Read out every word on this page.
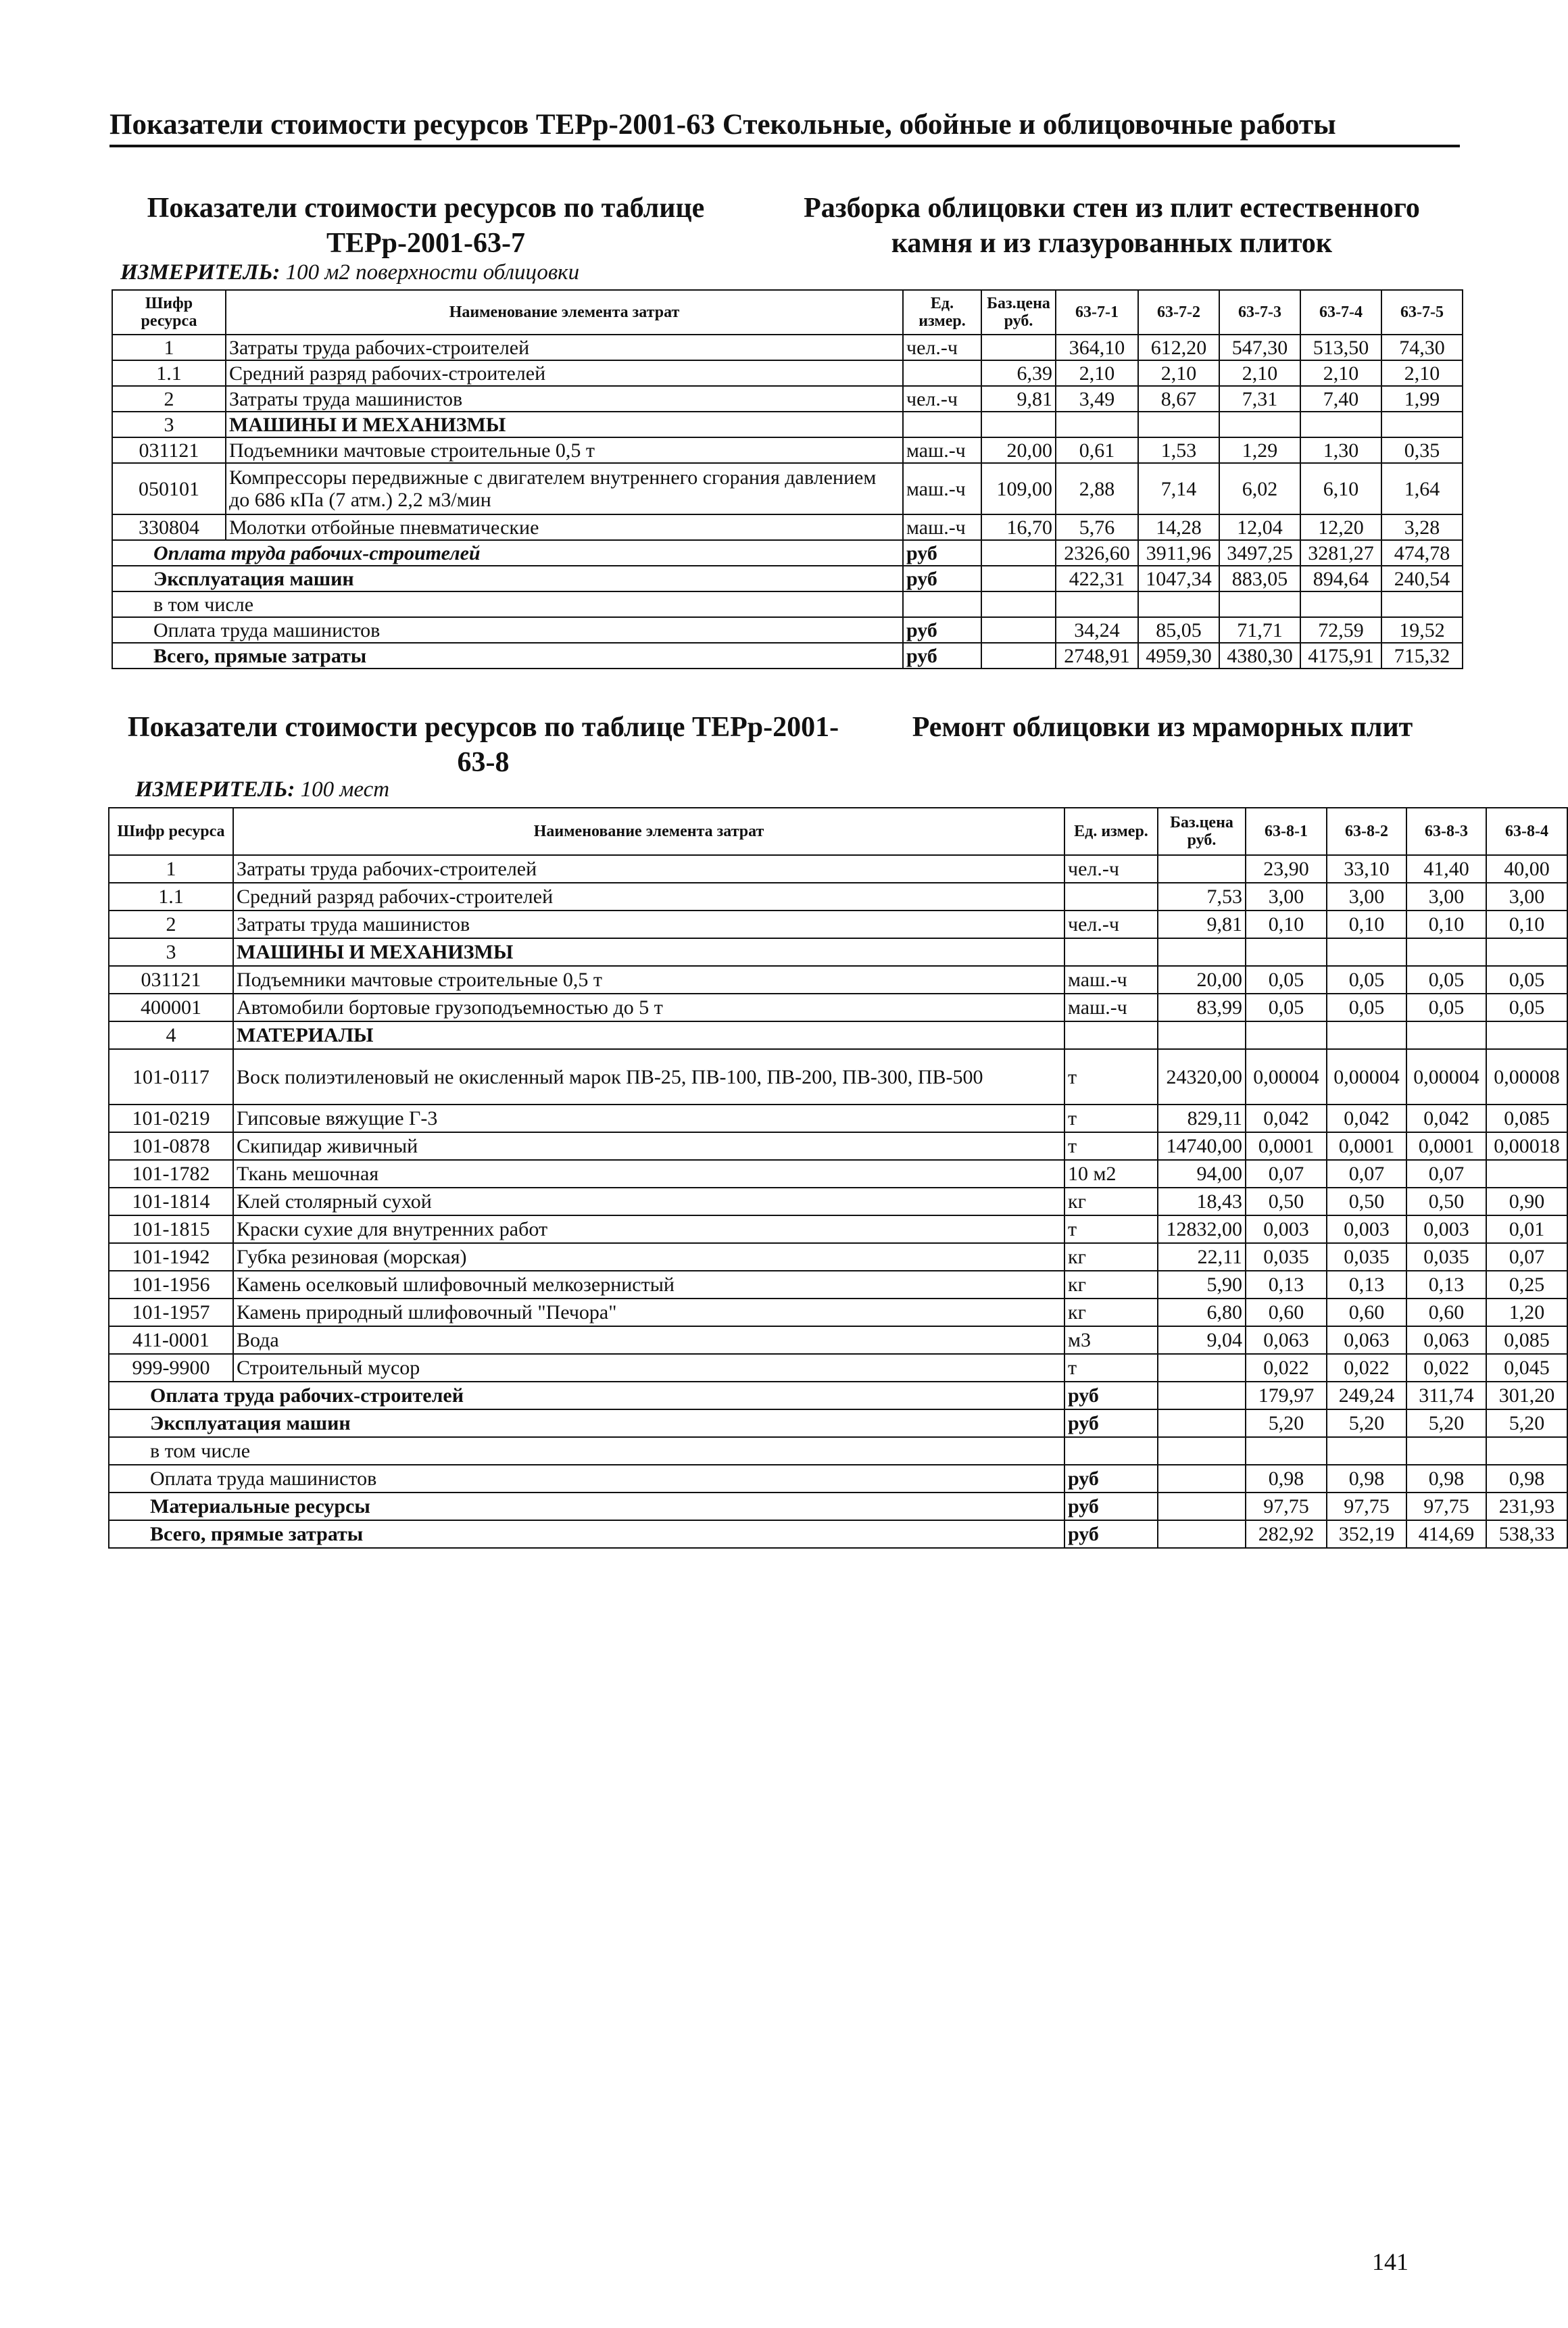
Показатели стоимости ресурсов ТЕРр-2001-63 Стекольные, обойные и облицовочные работы
Показатели стоимости ресурсов по таблице ТЕРр-2001-63-7
Разборка облицовки стен из плит естественного камня и из глазурованных плиток
ИЗМЕРИТЕЛЬ: 100 м2 поверхности облицовки
Шифр ресурса	Наименование элемента затрат	Ед. измер.	Баз.цена руб.	63-7-1	63-7-2	63-7-3	63-7-4	63-7-5
1	Затраты труда рабочих-строителей	чел.-ч		364,10	612,20	547,30	513,50	74,30
1.1	Средний разряд рабочих-строителей		6,39	2,10	2,10	2,10	2,10	2,10
2	Затраты труда машинистов	чел.-ч	9,81	3,49	8,67	7,31	7,40	1,99
3	МАШИНЫ И МЕХАНИЗМЫ							
031121	Подъемники мачтовые строительные 0,5 т	маш.-ч	20,00	0,61	1,53	1,29	1,30	0,35
050101	Компрессоры передвижные с двигателем внутреннего сгорания давлением до 686 кПа (7 атм.) 2,2 м3/мин	маш.-ч	109,00	2,88	7,14	6,02	6,10	1,64
330804	Молотки отбойные пневматические	маш.-ч	16,70	5,76	14,28	12,04	12,20	3,28
Оплата труда рабочих-строителей		руб		2326,60	3911,96	3497,25	3281,27	474,78
Эксплуатация машин		руб		422,31	1047,34	883,05	894,64	240,54
в том числе								
Оплата труда машинистов		руб		34,24	85,05	71,71	72,59	19,52
Всего, прямые затраты		руб		2748,91	4959,30	4380,30	4175,91	715,32
Показатели стоимости ресурсов по таблице ТЕРр-2001-63-8
Ремонт облицовки из мраморных плит
ИЗМЕРИТЕЛЬ: 100 мест
Шифр ресурса	Наименование элемента затрат	Ед. измер.	Баз.цена руб.	63-8-1	63-8-2	63-8-3	63-8-4
1	Затраты труда рабочих-строителей	чел.-ч		23,90	33,10	41,40	40,00
1.1	Средний разряд рабочих-строителей		7,53	3,00	3,00	3,00	3,00
2	Затраты труда машинистов	чел.-ч	9,81	0,10	0,10	0,10	0,10
3	МАШИНЫ И МЕХАНИЗМЫ						
031121	Подъемники мачтовые строительные 0,5 т	маш.-ч	20,00	0,05	0,05	0,05	0,05
400001	Автомобили бортовые грузоподъемностью до 5 т	маш.-ч	83,99	0,05	0,05	0,05	0,05
4	МАТЕРИАЛЫ						
101-0117	Воск полиэтиленовый не окисленный марок ПВ-25, ПВ-100, ПВ-200, ПВ-300, ПВ-500	т	24320,00	0,00004	0,00004	0,00004	0,00008
101-0219	Гипсовые вяжущие Г-3	т	829,11	0,042	0,042	0,042	0,085
101-0878	Скипидар живичный	т	14740,00	0,0001	0,0001	0,0001	0,00018
101-1782	Ткань мешочная	10 м2	94,00	0,07	0,07	0,07	
101-1814	Клей столярный сухой	кг	18,43	0,50	0,50	0,50	0,90
101-1815	Краски сухие для внутренних работ	т	12832,00	0,003	0,003	0,003	0,01
101-1942	Губка резиновая (морская)	кг	22,11	0,035	0,035	0,035	0,07
101-1956	Камень оселковый шлифовочный мелкозернистый	кг	5,90	0,13	0,13	0,13	0,25
101-1957	Камень природный шлифовочный "Печора"	кг	6,80	0,60	0,60	0,60	1,20
411-0001	Вода	м3	9,04	0,063	0,063	0,063	0,085
999-9900	Строительный мусор	т		0,022	0,022	0,022	0,045
Оплата труда рабочих-строителей		руб		179,97	249,24	311,74	301,20
Эксплуатация машин		руб		5,20	5,20	5,20	5,20
в том числе							
Оплата труда машинистов		руб		0,98	0,98	0,98	0,98
Материальные ресурсы		руб		97,75	97,75	97,75	231,93
Всего, прямые затраты		руб		282,92	352,19	414,69	538,33
141
